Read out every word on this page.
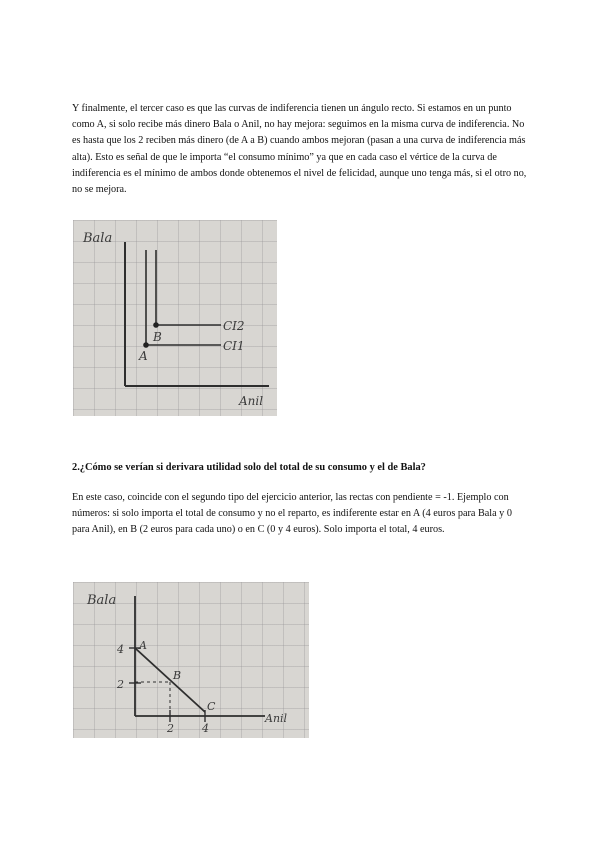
Y finalmente, el tercer caso es que las curvas de indiferencia tienen un ángulo recto. Si estamos en un punto como A, si solo recibe más dinero Bala o Anil, no hay mejora: seguimos en la misma curva de indiferencia. No es hasta que los 2 reciben más dinero (de A a B) cuando ambos mejoran (pasan a una curva de indiferencia más alta). Esto es señal de que le importa “el consumo mínimo” ya que en cada caso el vértice de la curva de indiferencia es el mínimo de ambos donde obtenemos el nivel de felicidad, aunque uno tenga más, si el otro no, no se mejora.

Bala
Anil
A
B
CI2
CI1

2.¿Cómo se verían si derivara utilidad solo del total de su consumo y el de Bala?

En este caso, coincide con el segundo tipo del ejercicio anterior, las rectas con pendiente = -1. Ejemplo con números: si solo importa el total de consumo y no el reparto, es indiferente estar en A (4 euros para Bala y 0 para Anil), en B (2 euros para cada uno) o en C (0 y 4 euros). Solo importa el total, 4 euros.

Bala
Anil
A
B
C
4
2
2	4
